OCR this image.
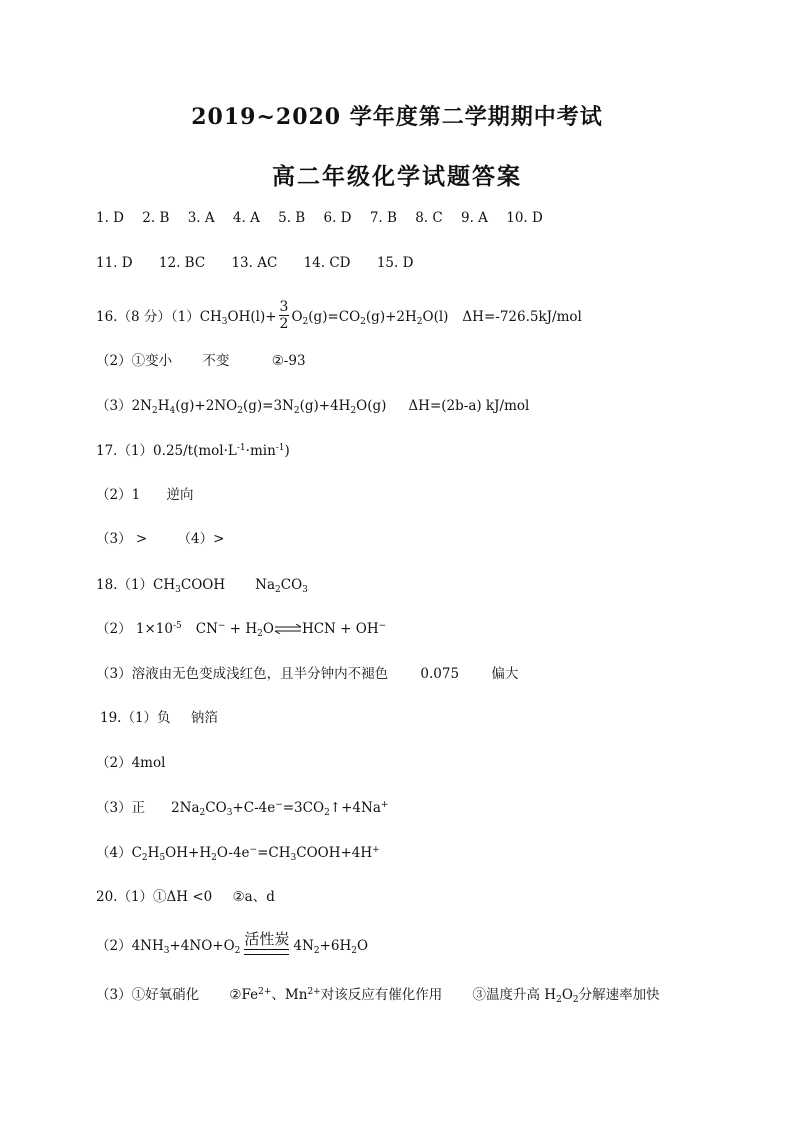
2019~2020 学年度第二学期期中考试
高二年级化学试题答案
1. D 2. B 3. A 4. A 5. B 6. D 7. B 8. C 9. A 10. D
11. D 12. BC 13. AC 14. CD 15. D
16.（8 分）$(1)CH_3OH(l)+ \frac{3}{2} O_2(g)=CO_2(g)+2H_2O(l)$ ΔH=-726.5kJ/mol
（2）①变小 不变	②-93
$(3)2N_2H_4(g)+2NO_2(g)=3N_2(g)+4H_2O(g)$ ΔH=(2b-a) kJ/mol
$17.(1)0.25/t(mol\cdot L^{-1}\cdot\min^{-1})$
（2）1 逆向
（3） > （4）>
$18.(1)CH_3COOH$ $Na_2CO_3$
（2） $1\times 10^{-5}$ $CN^- + H_2O\rightleftharpoons HCN + OH^-$
（3）溶液由无色变成浅红色，且半分钟内不褪色 0.075 偏大
19.（1）负 钠箔
（2）4mol
（3）正 $2Na_2CO_3+C-4e^-=3CO_2↑+4Na^+$
$(4)C_2H_5OH+H_2O-4e^-=CH_3COOH+4H^+$
20.（1）①ΔH <0 ②a、d
$(2)4NH_3+4NO+O_2$
活性炭 $4N_2+6H_2O$
（3）①好氧硝化 $②Fe^{2+}$、$Mn^{2+}$对该反应有催化作用 ③温度升高 $H_2O_2$分解速率加快
